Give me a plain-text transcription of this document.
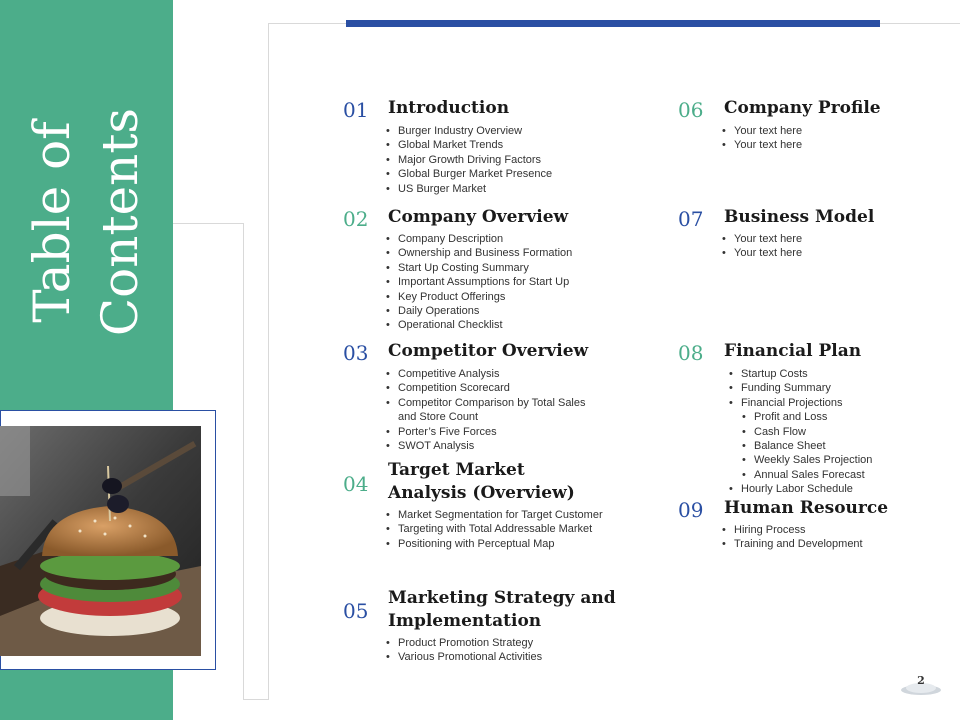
Table of Contents	01 Introduction
• Burger Industry Overview
• Global Market Trends
• Major Growth Driving Factors
• Global Burger Market Presence
• US Burger Market
02 Company Overview
• Company Description
• Ownership and Business Formation
• Start Up Costing Summary
• Important Assumptions for Start Up
• Key Product Offerings
• Daily Operations
• Operational Checklist
03 Competitor Overview
• Competitive Analysis
• Competition Scorecard
• Competitor Comparison by Total Sales
and Store Count
• Porter’s Five Forces
• SWOT Analysis
04
Target Market
Analysis (Overview)
• Market Segmentation for Target Customer
• Targeting with Total Addressable Market
• Positioning with Perceptual Map
05
Marketing Strategy and
Implementation
• Product Promotion Strategy
• Various Promotional Activities
06 Company Profile
• Your text here
• Your text here
07 Business Model
• Your text here
• Your text here
08 Financial Plan
• Startup Costs
• Funding Summary
• Financial Projections
• Profit and Loss
• Cash Flow
• Balance Sheet
• Weekly Sales Projection
• Annual Sales Forecast
• Hourly Labor Schedule
09 Human Resource
• Hiring Process
• Training and Development
2
